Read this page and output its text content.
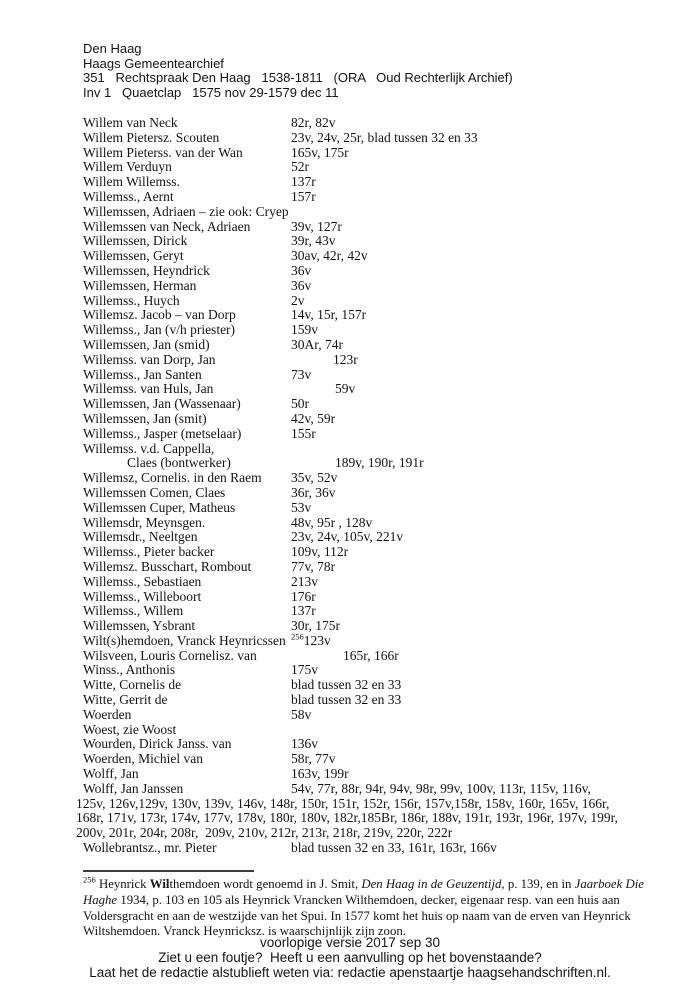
Den Haag
Haags Gemeentearchief
351   Rechtspraak Den Haag   1538-1811   (ORA   Oud Rechterlijk Archief)
Inv 1   Quaetclap   1575 nov 29-1579 dec 11
Willem van Neck	82r, 82v
Willem Pietersz. Scouten	23v, 24v, 25r, blad tussen 32 en 33
Willem Pieterss. van der Wan	165v, 175r
Willem Verduyn	52r
Willem Willemss.	137r
Willemss., Aernt	157r
Willemssen, Adriaen – zie ook: Cryep
Willemssen van Neck, Adriaen	39v, 127r
Willemssen, Dirick	39r, 43v
Willemssen, Geryt	30av, 42r, 42v
Willemssen, Heyndrick	36v
Willemssen, Herman	36v
Willemss., Huych	2v
Willemsz. Jacob – van Dorp	14v, 15r, 157r
Willemss., Jan (v/h priester)	159v
Willemssen, Jan (smid)	30Ar, 74r
Willemss. van Dorp, Jan	123r
Willemss., Jan Santen	73v
Willemss. van Huls, Jan	59v
Willemssen, Jan (Wassenaar)	50r
Willemssen, Jan (smit)	42v, 59r
Willemss., Jasper (metselaar)	155r
Willemss. v.d. Cappella,
Claes (bontwerker)	189v, 190r, 191r
Willemsz, Cornelis. in den Raem 35v, 52v
Willemssen Comen, Claes	36r, 36v
Willemssen Cuper, Matheus	53v
Willemsdr, Meynsgen.	48v, 95r , 128v
Willemsdr., Neeltgen	23v, 24v, 105v, 221v
Willemss., Pieter backer	109v, 112r
Willemsz. Busschart, Rombout	77v, 78r
Willemss., Sebastiaen	213v
Willemss., Willeboort	176r
Willemss., Willem	137r
Willemssen, Ysbrant	30r, 175r
Wilt(s)hemdoen, Vranck Heynricssen $^{256}$123v
Wilsveen, Louris Cornelisz. van	165r, 166r
Winss., Anthonis	175v
Witte, Cornelis de	blad tussen 32 en 33
Witte, Gerrit de	blad tussen 32 en 33
Woerden	58v
Woest, zie Woost
Wourden, Dirick Janss. van	136v
Woerden, Michiel van	58r, 77v
Wolff, Jan	163v, 199r
Wolff, Jan Janssen	54v, 77r, 88r, 94r, 94v, 98r, 99v, 100v, 113r, 115v, 116v,
125v, 126v,129v, 130v, 139v, 146v, 148r, 150r, 151r, 152r, 156r, 157v,158r, 158v, 160r, 165v, 166r,
168r, 171v, 173r, 174v, 177v, 178v, 180r, 180v, 182r,185Br, 186r, 188v, 191r, 193r, 196r, 197v, 199r,
200v, 201r, 204r, 208r,  209v, 210v, 212r, 213r, 218r, 219v, 220r, 222r
Wollebrantsz., mr. Pieter	blad tussen 32 en 33, 161r, 163r, 166v
$^{256}$ Heynrick Wilthemdoen wordt genoemd in J. Smit, Den Haag in de Geuzentijd, p. 139, en in Jaarboek Die
Haghe 1934, p. 103 en 105 als Heynrick Vrancken Wilthemdoen, decker, eigenaar resp. van een huis aan
Voldersgracht en aan de westzijde van het Spui. In 1577 komt het huis op naam van de erven van Heynrick
Wiltshemdoen. Vranck Heynricksz. is waarschijnlijk zijn zoon.
voorlopige versie 2017 sep 30
Ziet u een foutje?  Heeft u een aanvulling op het bovenstaande?
Laat het de redactie alstublieft weten via: redactie apenstaartje haagsehandschriften.nl.
